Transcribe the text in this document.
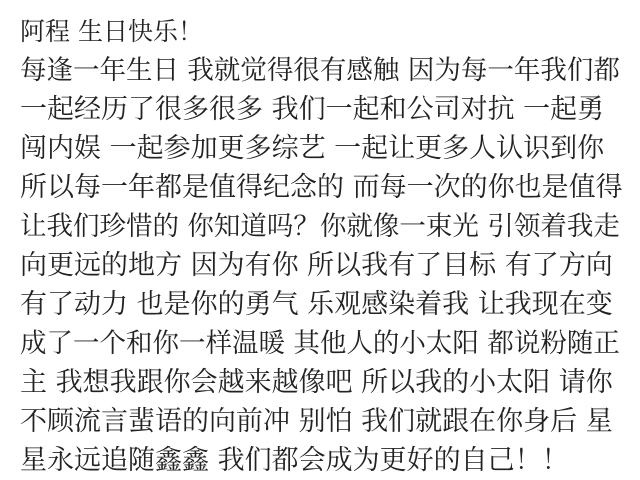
阿程 生日快乐！
每逢一年生日 我就觉得很有感触 因为每一年我们都
一起经历了很多很多 我们一起和公司对抗 一起勇
闯内娱 一起参加更多综艺 一起让更多人认识到你
所以每一年都是值得纪念的 而每一次的你也是值得
让我们珍惜的 你知道吗？你就像一束光 引领着我走
向更远的地方 因为有你 所以我有了目标 有了方向
有了动力 也是你的勇气 乐观感染着我 让我现在变
成了一个和你一样温暖 其他人的小太阳 都说粉随正
主 我想我跟你会越来越像吧 所以我的小太阳 请你
不顾流言蜚语的向前冲 别怕 我们就跟在你身后 星
星永远追随鑫鑫 我们都会成为更好的自己！！
